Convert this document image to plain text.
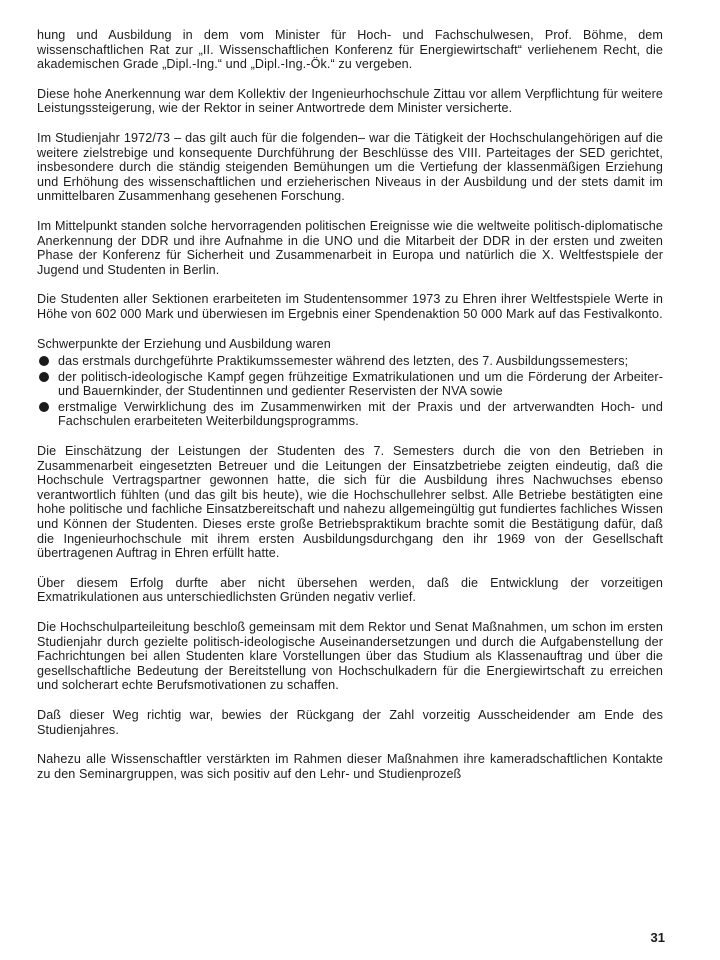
hung und Ausbildung in dem vom Minister für Hoch- und Fachschulwesen, Prof. Böhme, dem wissenschaftlichen Rat zur „II. Wissenschaftlichen Konferenz für Energiewirtschaft“ verliehenem Recht, die akademischen Grade „Dipl.-Ing.“ und „Dipl.-Ing.-Ök.“ zu vergeben.

Diese hohe Anerkennung war dem Kollektiv der Ingenieurhochschule Zittau vor allem Verpflichtung für weitere Leistungssteigerung, wie der Rektor in seiner Antwortrede dem Minister versicherte.

Im Studienjahr 1972/73 – das gilt auch für die folgenden– war die Tätigkeit der Hochschulangehörigen auf die weitere zielstrebige und konsequente Durchführung der Beschlüsse des VIII. Parteitages der SED gerichtet, insbesondere durch die ständig steigenden Bemühungen um die Vertiefung der klassenmäßigen Erziehung und Erhöhung des wissenschaftlichen und erzieherischen Niveaus in der Ausbildung und der stets damit im unmittelbaren Zusammenhang gesehenen Forschung.

Im Mittelpunkt standen solche hervorragenden politischen Ereignisse wie die weltweite politisch-diplomatische Anerkennung der DDR und ihre Aufnahme in die UNO und die Mitarbeit der DDR in der ersten und zweiten Phase der Konferenz für Sicherheit und Zusammenarbeit in Europa und natürlich die X. Weltfestspiele der Jugend und Studenten in Berlin.

Die Studenten aller Sektionen erarbeiteten im Studentensommer 1973 zu Ehren ihrer Weltfestspiele Werte in Höhe von 602 000 Mark und überwiesen im Ergebnis einer Spendenaktion 50 000 Mark auf das Festivalkonto.

Schwerpunkte der Erziehung und Ausbildung waren

das erstmals durchgeführte Praktikumssemester während des letzten, des 7. Ausbildungssemesters;
der politisch-ideologische Kampf gegen frühzeitige Exmatrikulationen und um die Förderung der Arbeiter- und Bauernkinder, der Studentinnen und gedienter Reservisten der NVA sowie
erstmalige Verwirklichung des im Zusammenwirken mit der Praxis und der artverwandten Hoch- und Fachschulen erarbeiteten Weiterbildungsprogramms.

Die Einschätzung der Leistungen der Studenten des 7. Semesters durch die von den Betrieben in Zusammenarbeit eingesetzten Betreuer und die Leitungen der Einsatzbetriebe zeigten eindeutig, daß die Hochschule Vertragspartner gewonnen hatte, die sich für die Ausbildung ihres Nachwuchses ebenso verantwortlich fühlten (und das gilt bis heute), wie die Hochschullehrer selbst. Alle Betriebe bestätigten eine hohe politische und fachliche Einsatzbereitschaft und nahezu allgemeingültig gut fundiertes fachliches Wissen und Können der Studenten. Dieses erste große Betriebspraktikum brachte somit die Bestätigung dafür, daß die Ingenieurhochschule mit ihrem ersten Ausbildungsdurchgang den ihr 1969 von der Gesellschaft übertragenen Auftrag in Ehren erfüllt hatte.

Über diesem Erfolg durfte aber nicht übersehen werden, daß die Entwicklung der vorzeitigen Exmatrikulationen aus unterschiedlichsten Gründen negativ verlief.

Die Hochschulparteileitung beschloß gemeinsam mit dem Rektor und Senat Maßnahmen, um schon im ersten Studienjahr durch gezielte politisch-ideologische Auseinandersetzungen und durch die Aufgabenstellung der Fachrichtungen bei allen Studenten klare Vorstellungen über das Studium als Klassenauftrag und über die gesellschaftliche Bedeutung der Bereitstellung von Hochschulkadern für die Energiewirtschaft zu erreichen und solcherart echte Berufsmotivationen zu schaffen.

Daß dieser Weg richtig war, bewies der Rückgang der Zahl vorzeitig Ausscheidender am Ende des Studienjahres.

Nahezu alle Wissenschaftler verstärkten im Rahmen dieser Maßnahmen ihre kameradschaftlichen Kontakte zu den Seminargruppen, was sich positiv auf den Lehr- und Studienprozeß

31
